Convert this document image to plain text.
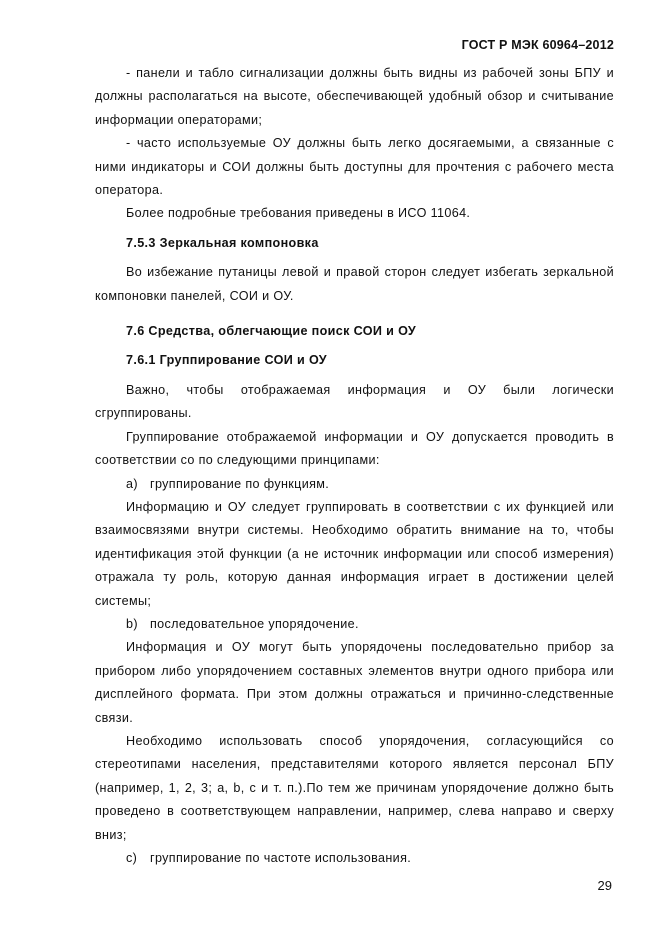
ГОСТ Р МЭК 60964–2012

- панели и табло сигнализации должны быть видны из рабочей зоны БПУ и должны располагаться на высоте, обеспечивающей удобный обзор и считывание информации операторами;

- часто используемые ОУ должны быть легко досягаемыми, а связанные с ними индикаторы и СОИ должны быть доступны для прочтения с рабочего места оператора.

Более подробные требования приведены в ИСО 11064.

7.5.3 Зеркальная компоновка

Во избежание путаницы левой и правой сторон следует избегать зеркальной компоновки панелей, СОИ и ОУ.

7.6 Средства, облегчающие поиск СОИ и ОУ

7.6.1 Группирование СОИ и ОУ

Важно, чтобы отображаемая информация и ОУ были логически сгруппированы.

Группирование отображаемой информации и ОУ допускается проводить в соответствии со по следующими принципами:

а) группирование по функциям.

Информацию и ОУ следует группировать в соответствии с их функцией или взаимосвязями внутри системы. Необходимо обратить внимание на то, чтобы идентификация этой функции (а не источник информации или способ измерения) отражала ту роль, которую данная информация играет в достижении целей системы;

b) последовательное упорядочение.

Информация и ОУ могут быть упорядочены последовательно прибор за прибором либо упорядочением составных элементов внутри одного прибора или дисплейного формата. При этом должны отражаться и причинно-следственные связи.

Необходимо использовать способ упорядочения, согласующийся со стереотипами населения, представителями которого является персонал БПУ (например, 1, 2, 3; a, b, c и т. п.).По тем же причинам упорядочение должно быть проведено в соответствующем направлении, например, слева направо и сверху вниз;

c) группирование по частоте использования.

29
